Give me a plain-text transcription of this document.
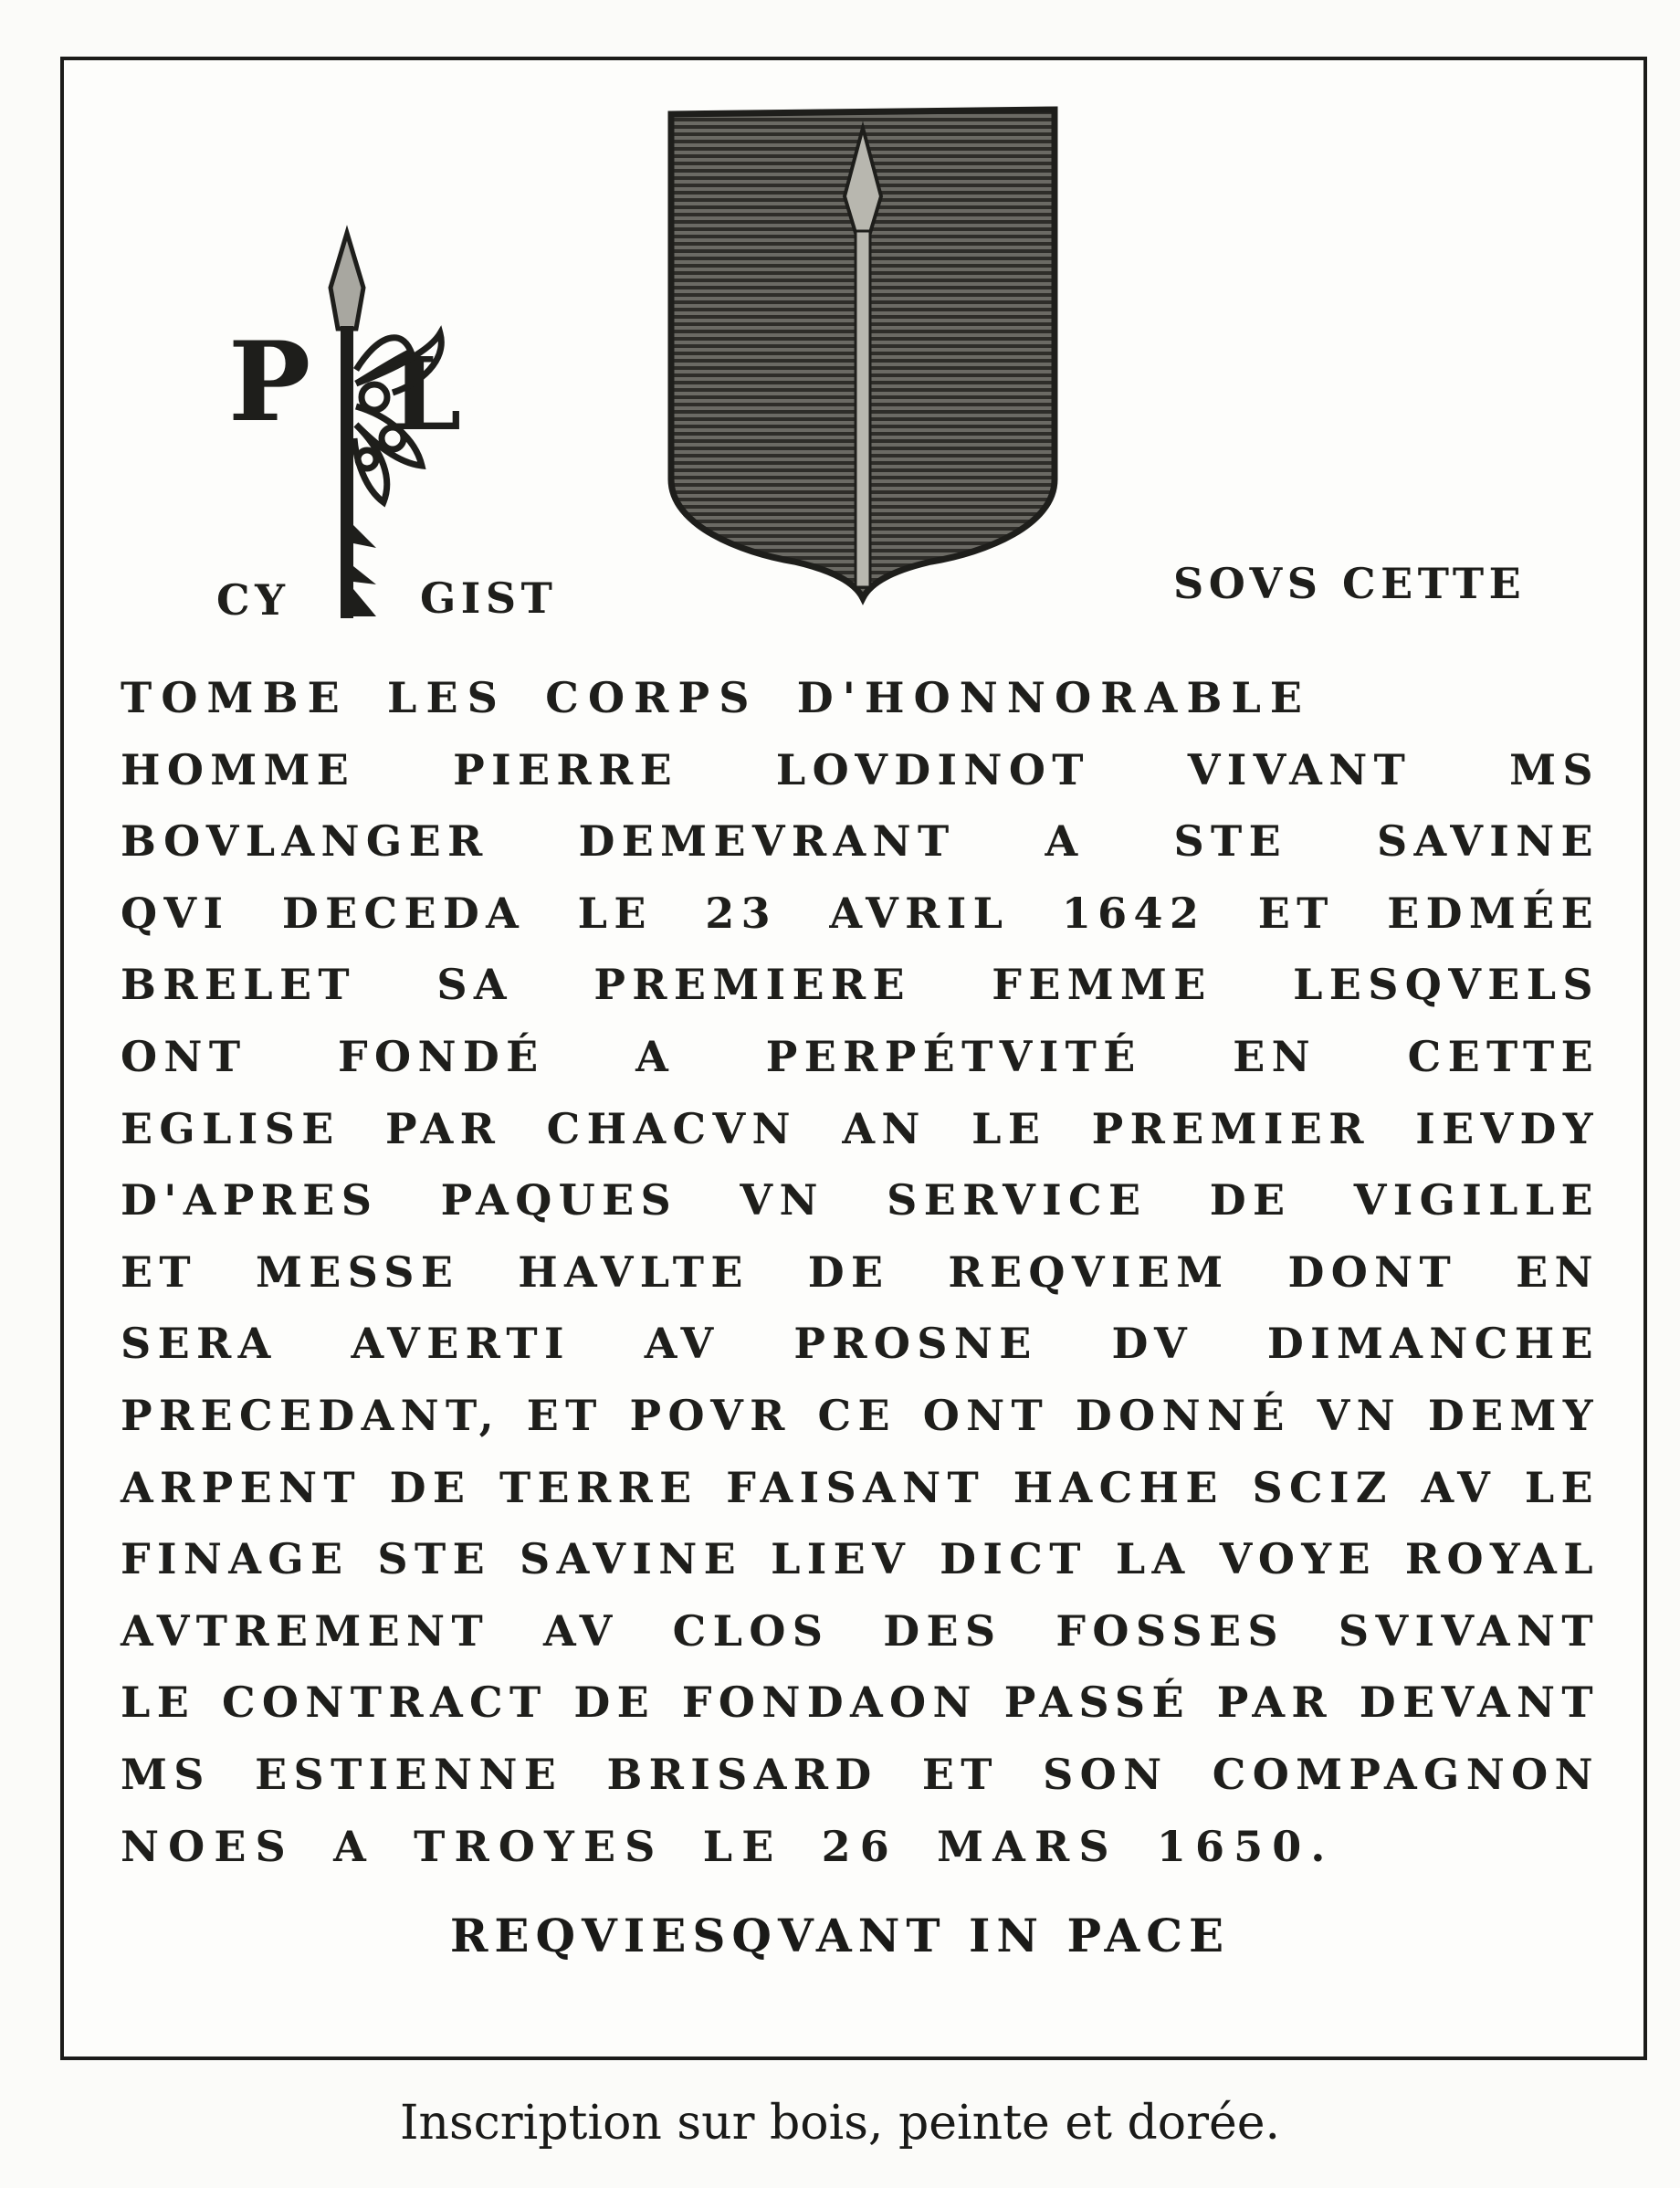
P L

CY	GIST	SOVS CETTE

TOMBE LES CORPS D'HONNORABLE
HOMME PIERRE LOVDINOT VIVANT MS
BOVLANGER DEMEVRANT A STE SAVINE
QVI DECEDA LE 23 AVRIL 1642 ET EDMÉE
BRELET SA PREMIERE FEMME LESQVELS
ONT FONDÉ A PERPÉTVITÉ EN CETTE
EGLISE PAR CHACVN AN LE PREMIER IEVDY
D'APRES PAQUES VN SERVICE DE VIGILLE
ET MESSE HAVLTE DE REQVIEM DONT EN
SERA AVERTI AV PROSNE DV DIMANCHE
PRECEDANT, ET POVR CE ONT DONNÉ VN DEMY
ARPENT DE TERRE FAISANT HACHE SCIZ AV LE
FINAGE STE SAVINE LIEV DICT LA VOYE ROYAL
AVTREMENT AV CLOS DES FOSSES SVIVANT
LE CONTRACT DE FONDAON PASSÉ PAR DEVANT
MS ESTIENNE BRISARD ET SON COMPAGNON
NOES A TROYES LE 26 MARS 1650.

REQVIESQVANT IN PACE

Inscription sur bois, peinte et dorée.
